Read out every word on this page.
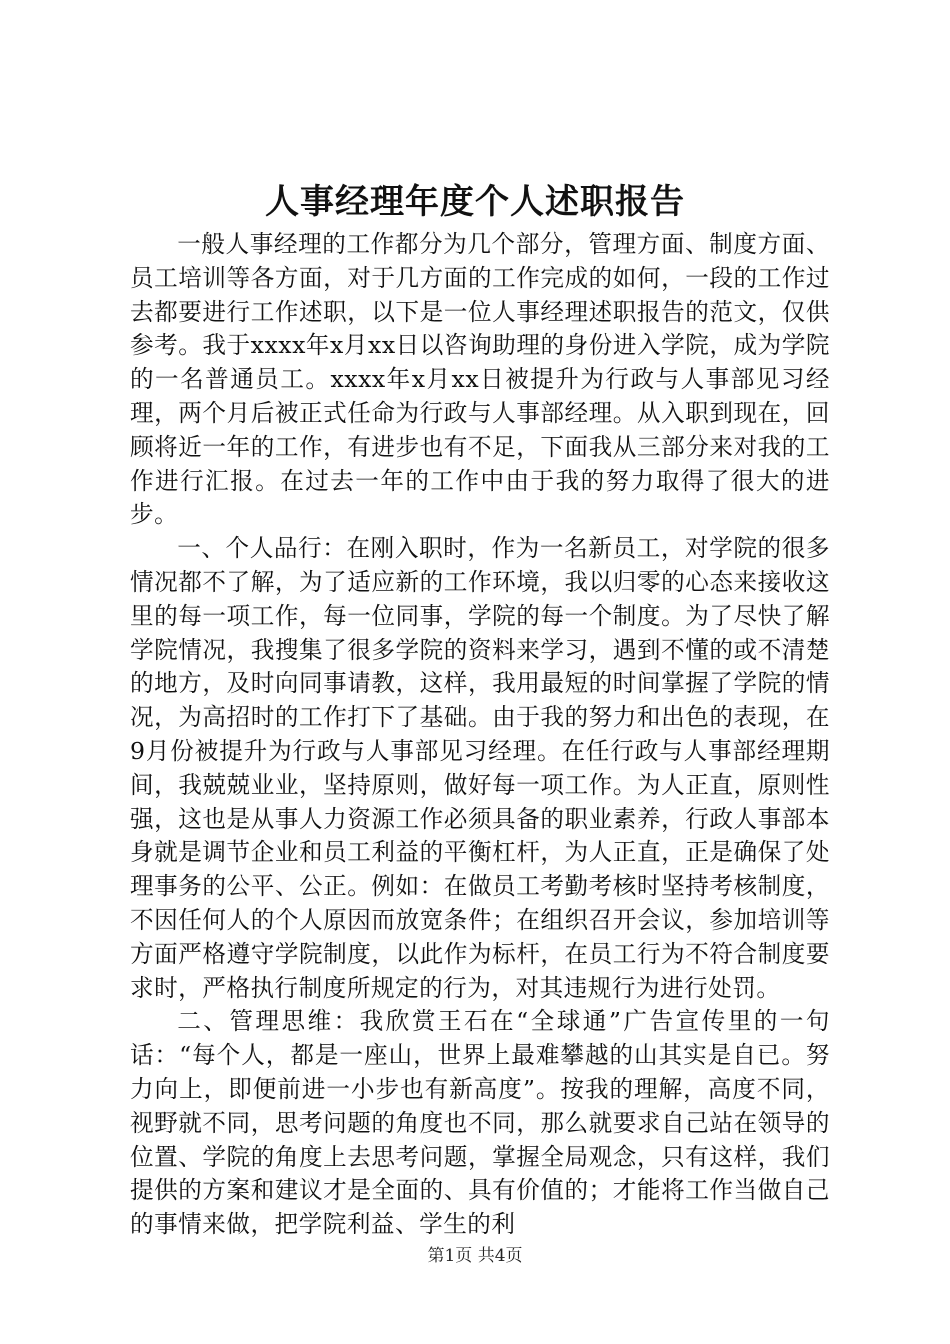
人事经理年度个人述职报告

一般人事经理的工作都分为几个部分，管理方面、制度方面、员工培训等各方面，对于几方面的工作完成的如何，一段的工作过去都要进行工作述职，以下是一位人事经理述职报告的范文，仅供参考。我于xxxx年x月xx日以咨询助理的身份进入学院，成为学院的一名普通员工。xxxx年x月xx日被提升为行政与人事部见习经理，两个月后被正式任命为行政与人事部经理。从入职到现在，回顾将近一年的工作，有进步也有不足，下面我从三部分来对我的工作进行汇报。在过去一年的工作中由于我的努力取得了很大的进步。

一、个人品行：在刚入职时，作为一名新员工，对学院的很多情况都不了解，为了适应新的工作环境，我以归零的心态来接收这里的每一项工作，每一位同事，学院的每一个制度。为了尽快了解学院情况，我搜集了很多学院的资料来学习，遇到不懂的或不清楚的地方，及时向同事请教，这样，我用最短的时间掌握了学院的情况，为高招时的工作打下了基础。由于我的努力和出色的表现，在9月份被提升为行政与人事部见习经理。在任行政与人事部经理期间，我兢兢业业，坚持原则，做好每一项工作。为人正直，原则性强，这也是从事人力资源工作必须具备的职业素养，行政人事部本身就是调节企业和员工利益的平衡杠杆，为人正直，正是确保了处理事务的公平、公正。例如：在做员工考勤考核时坚持考核制度，不因任何人的个人原因而放宽条件；在组织召开会议，参加培训等方面严格遵守学院制度，以此作为标杆，在员工行为不符合制度要求时，严格执行制度所规定的行为，对其违规行为进行处罚。

二、管理思维：我欣赏王石在“全球通”广告宣传里的一句话：“每个人，都是一座山，世界上最难攀越的山其实是自已。努力向上，即便前进一小步也有新高度”。按我的理解，高度不同，视野就不同，思考问题的角度也不同，那么就要求自己站在领导的位置、学院的角度上去思考问题，掌握全局观念，只有这样，我们提供的方案和建议才是全面的、具有价值的；才能将工作当做自己的事情来做，把学院利益、学生的利

第1页 共4页
